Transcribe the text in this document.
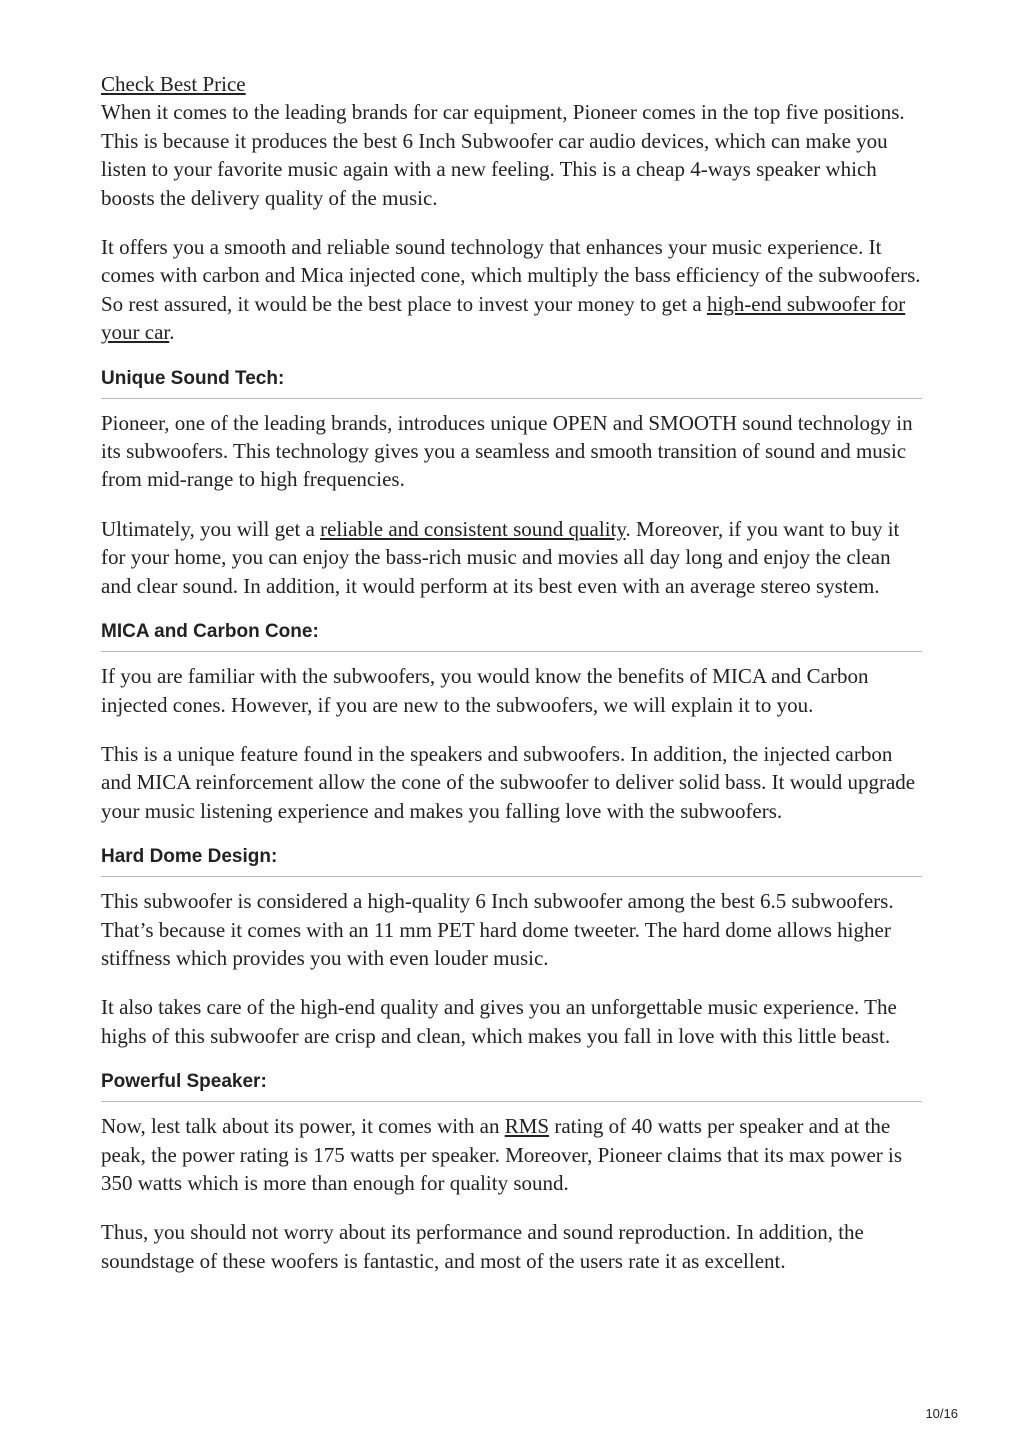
Check Best Price

When it comes to the leading brands for car equipment, Pioneer comes in the top five positions. This is because it produces the best 6 Inch Subwoofer car audio devices, which can make you listen to your favorite music again with a new feeling. This is a cheap 4-ways speaker which boosts the delivery quality of the music.

It offers you a smooth and reliable sound technology that enhances your music experience. It comes with carbon and Mica injected cone, which multiply the bass efficiency of the subwoofers. So rest assured, it would be the best place to invest your money to get a high-end subwoofer for your car.

Unique Sound Tech:

Pioneer, one of the leading brands, introduces unique OPEN and SMOOTH sound technology in its subwoofers. This technology gives you a seamless and smooth transition of sound and music from mid-range to high frequencies.

Ultimately, you will get a reliable and consistent sound quality. Moreover, if you want to buy it for your home, you can enjoy the bass-rich music and movies all day long and enjoy the clean and clear sound. In addition, it would perform at its best even with an average stereo system.

MICA and Carbon Cone:

If you are familiar with the subwoofers, you would know the benefits of MICA and Carbon injected cones. However, if you are new to the subwoofers, we will explain it to you.

This is a unique feature found in the speakers and subwoofers. In addition, the injected carbon and MICA reinforcement allow the cone of the subwoofer to deliver solid bass. It would upgrade your music listening experience and makes you falling love with the subwoofers.

Hard Dome Design:

This subwoofer is considered a high-quality 6 Inch subwoofer among the best 6.5 subwoofers. That’s because it comes with an 11 mm PET hard dome tweeter. The hard dome allows higher stiffness which provides you with even louder music.

It also takes care of the high-end quality and gives you an unforgettable music experience. The highs of this subwoofer are crisp and clean, which makes you fall in love with this little beast.

Powerful Speaker:

Now, lest talk about its power, it comes with an RMS rating of 40 watts per speaker and at the peak, the power rating is 175 watts per speaker. Moreover, Pioneer claims that its max power is 350 watts which is more than enough for quality sound.

Thus, you should not worry about its performance and sound reproduction. In addition, the soundstage of these woofers is fantastic, and most of the users rate it as excellent.

10/16
